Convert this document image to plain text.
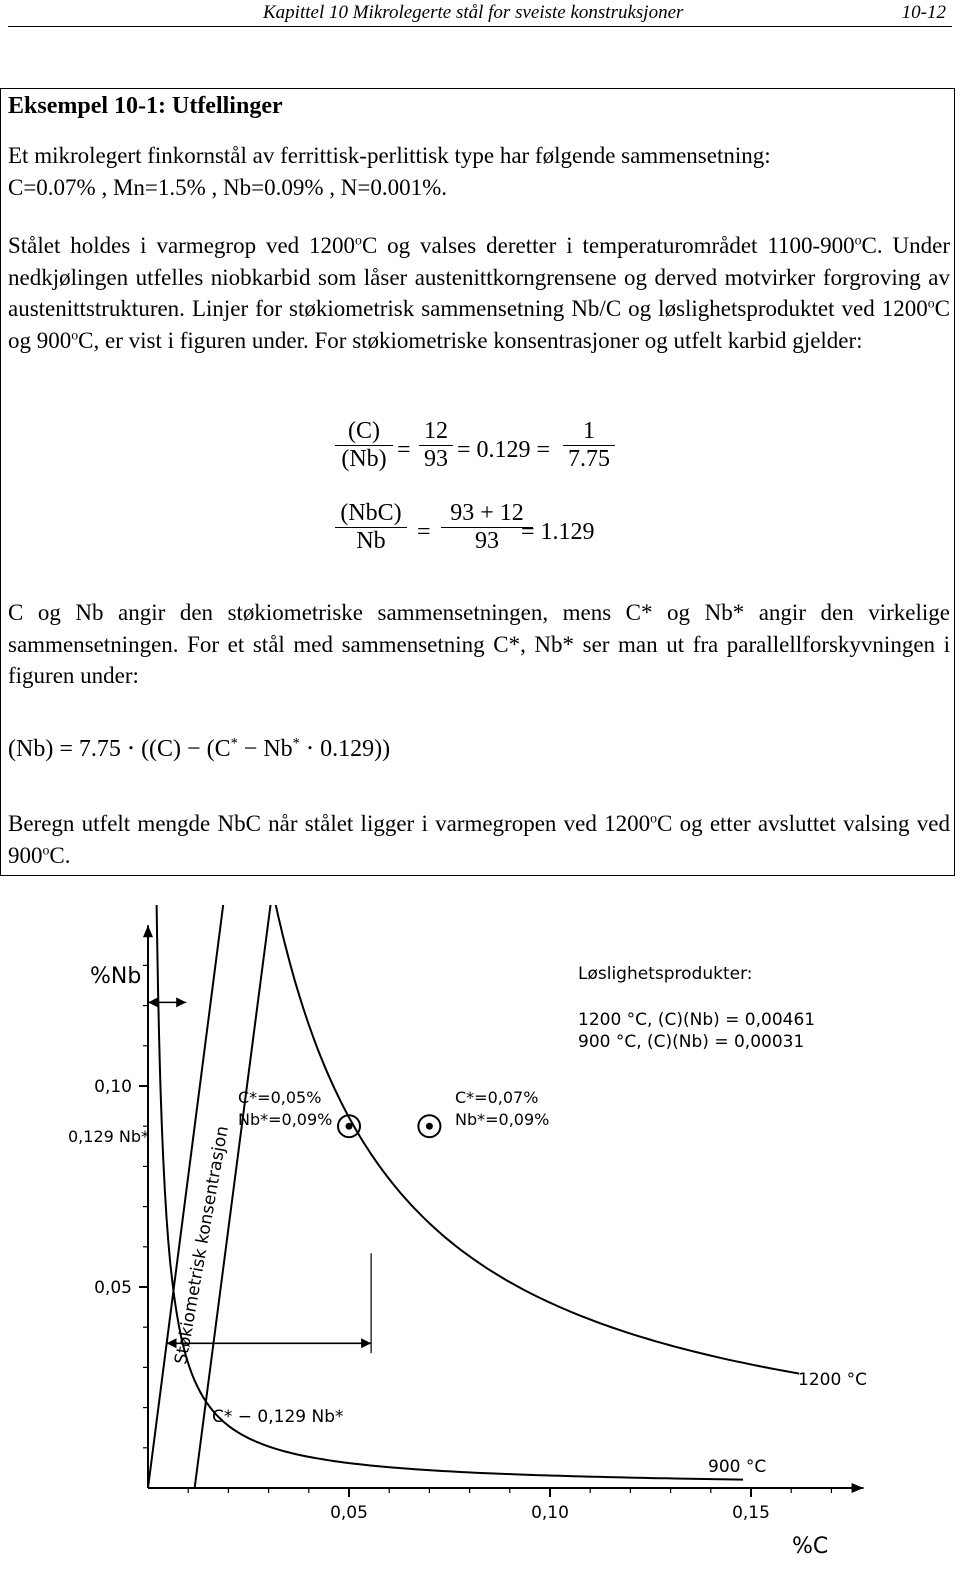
Kapittel 10 Mikrolegerte stål for sveiste konstruksjoner	10-12
Eksempel 10-1: Utfellinger
Et mikrolegert finkornstål av ferrittisk-perlittisk type har følgende sammensetning:
C=0.07% , Mn=1.5% , Nb=0.09% , N=0.001%.
Stålet holdes i varmegrop ved 1200$^o$C og valses deretter i temperaturområdet 1100-900$^o$C. Under nedkjølingen utfelles niobkarbid som låser austenittkorngrensene og derved motvirker forgroving av austenittstrukturen. Linjer for støkiometrisk sammensetning Nb/C og løslighetsproduktet ved 1200$^o$C og 900$^o$C, er vist i figuren under. For støkiometriske konsentrasjoner og utfelt karbid gjelder:
(C)
(Nb) =
12
93 = 0.129 =
1
7.75
(NbC)
Nb	=
93 + 12
93 = 1.129
C og Nb angir den støkiometriske sammensetningen, mens C* og Nb* angir den virkelige sammensetningen. For et stål med sammensetning C*, Nb* ser man ut fra parallellforskyvningen i figuren under:
(Nb) = 7.75 ⋅ ((C) − (C* − Nb* ⋅ 0.129))
Beregn utfelt mengde NbC når stålet ligger i varmegropen ved 1200$^o$C og etter avsluttet valsing ved 900$^o$C.
%Nb
%C
Løslighetsprodukter:
1200 °C, (C)(Nb) = 0,00461
900 °C, (C)(Nb) = 0,00031
C*=0,05%
Nb*=0,09%
C*=0,07%
Nb*=0,09%
0,129 Nb* Støkiometrisk konsentrasjon
C* − 0,129 Nb*
1200 °C
900 °C
0,05	0,10	0,15
0,10
0,05
